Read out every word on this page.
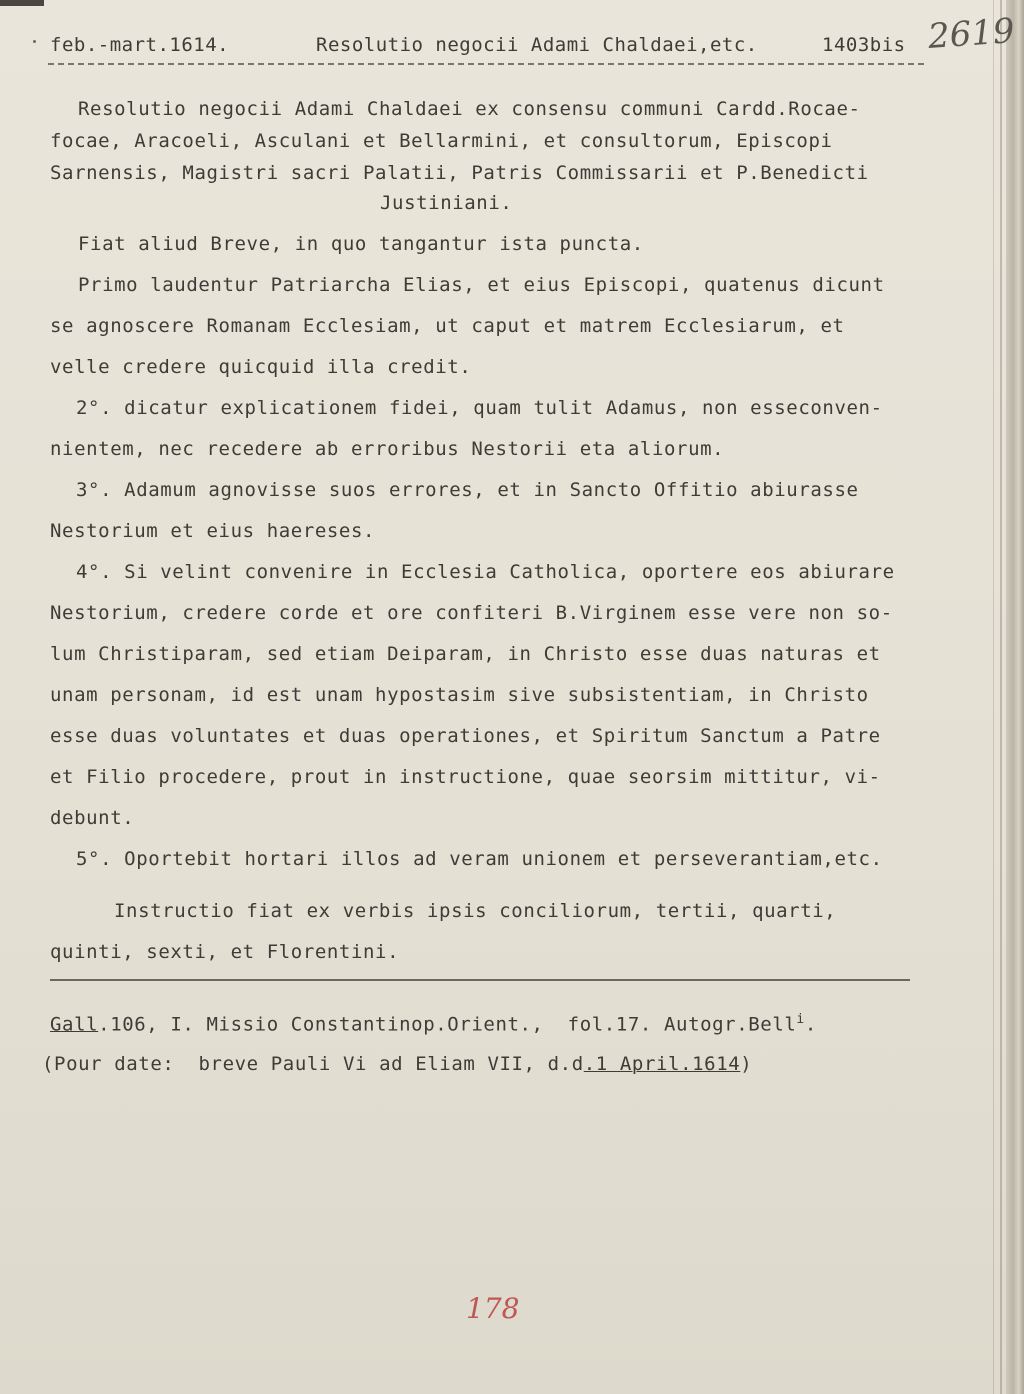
feb.-mart.1614.	Resolutio negocii Adami Chaldaei,etc.	1403bis 2619
Resolutio negocii Adami Chaldaei ex consensu communi Cardd.Rocae-
focae, Aracoeli, Asculani et Bellarmini, et consultorum, Episcopi
Sarnensis, Magistri sacri Palatii, Patris Commissarii et P.Benedicti
Justiniani.
Fiat aliud Breve, in quo tangantur ista puncta.
Primo laudentur Patriarcha Elias, et eius Episcopi, quatenus dicunt
se agnoscere Romanam Ecclesiam, ut caput et matrem Ecclesiarum, et
velle credere quicquid illa credit.
2°. dicatur explicationem fidei, quam tulit Adamus, non esseconven-
nientem, nec recedere ab erroribus Nestorii eta aliorum.
3°. Adamum agnovisse suos errores, et in Sancto Offitio abiurasse
Nestorium et eius haereses.
4°. Si velint convenire in Ecclesia Catholica, oportere eos abiurare
Nestorium, credere corde et ore confiteri B.Virginem esse vere non so-
lum Christiparam, sed etiam Deiparam, in Christo esse duas naturas et
unam personam, id est unam hypostasim sive subsistentiam, in Christo
esse duas voluntates et duas operationes, et Spiritum Sanctum a Patre
et Filio procedere, prout in instructione, quae seorsim mittitur, vi-
debunt.
5°. Oportebit hortari illos ad veram unionem et perseverantiam,etc.
Instructio fiat ex verbis ipsis conciliorum, tertii, quarti,
quinti, sexti, et Florentini.
Gall.106, I. Missio Constantinop.Orient.,  fol.17. Autogr.Bell$^i$.
(Pour date:  breve Pauli Vi ad Eliam VII, d.d.1 April.1614)
178
